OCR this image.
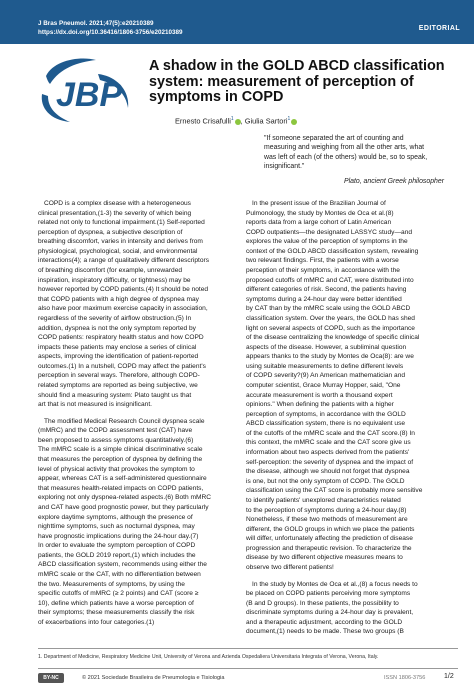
J Bras Pneumol. 2021;47(5):e20210389
https://dx.doi.org/10.36416/1806-3756/e20210389
EDITORIAL
JBP
A shadow in the GOLD ABCD classification
system: measurement of perception of
symptoms in COPD
Ernesto Crisafulli$^1$ , Giulia Sartori$^1$
"If someone separated the art of counting and
measuring and weighing from all the other arts, what
was left of each (of the others) would be, so to speak,
insignificant."
Plato, ancient Greek philosopher
COPD is a complex disease with a heterogeneous
clinical presentation,(1-3) the severity of which being
related not only to functional impairment.(1) Self-reported
perception of dyspnea, a subjective description of
breathing discomfort, varies in intensity and derives from
physiological, psychological, social, and environmental
interactions(4); a range of qualitatively different descriptors
of breathing discomfort (for example, unrewarded
inspiration, inspiratory difficulty, or tightness) may be
however reported by COPD patients.(4) It should be noted
that COPD patients with a high degree of dyspnea may
also have poor maximum exercise capacity in association,
regardless of the severity of airflow obstruction.(5) In
addition, dyspnea is not the only symptom reported by
COPD patients: respiratory health status and how COPD
impacts these patients may enclose a series of clinical
aspects, improving the identification of patient-reported
outcomes.(1) In a nutshell, COPD may affect the patient's
perception in several ways. Therefore, although COPD-
related symptoms are reported as being subjective, we
should find a measuring system: Plato taught us that
art that is not measured is insignificant.
The modified Medical Research Council dyspnea scale
(mMRC) and the COPD assessment test (CAT) have
been proposed to assess symptoms quantitatively.(6)
The mMRC scale is a simple clinical discriminative scale
that measures the perception of dyspnea by defining the
level of physical activity that provokes the symptom to
appear, whereas CAT is a self-administered questionnaire
that measures health-related impacts on COPD patients,
exploring not only dyspnea-related aspects.(6) Both mMRC
and CAT have good prognostic power, but they particularly
explore daytime symptoms, although the presence of
nighttime symptoms, such as nocturnal dyspnea, may
have prognostic implications during the 24-hour day.(7)
In order to evaluate the symptom perception of COPD
patients, the GOLD 2019 report,(1) which includes the
ABCD classification system, recommends using either the
mMRC scale or the CAT, with no differentiation between
the two. Measurements of symptoms, by using the
specific cutoffs of mMRC (≥ 2 points) and CAT (score ≥
10), define which patients have a worse perception of
their symptoms; these measurements classify the risk
of exacerbations into four categories.(1)
In the present issue of the Brazilian Journal of
Pulmonology, the study by Montes de Oca et al.(8)
reports data from a large cohort of Latin American
COPD outpatients—the designated LASSYC study—and
explores the value of the perception of symptoms in the
context of the GOLD ABCD classification system, revealing
two relevant findings. First, the patients with a worse
perception of their symptoms, in accordance with the
proposed cutoffs of mMRC and CAT, were distributed into
different categories of risk. Second, the patients having
symptoms during a 24-hour day were better identified
by CAT than by the mMRC scale using the GOLD ABCD
classification system. Over the years, the GOLD has shed
light on several aspects of COPD, such as the importance
of the disease centralizing the knowledge of specific clinical
aspects of the disease. However, a subliminal question
appears thanks to the study by Montes de Oca(8): are we
using suitable measurements to define different levels
of COPD severity?(9) An American mathematician and
computer scientist, Grace Murray Hopper, said, "One
accurate measurement is worth a thousand expert
opinions." When defining the patients with a higher
perception of symptoms, in accordance with the GOLD
ABCD classification system, there is no equivalent use
of the cutoffs of the mMRC scale and the CAT score.(8) In
this context, the mMRC scale and the CAT score give us
information about two aspects derived from the patients'
self-perception: the severity of dyspnea and the impact of
the disease, although we should not forget that dyspnea
is one, but not the only symptom of COPD. The GOLD
classification using the CAT score is probably more sensitive
to identify patients' unexplored characteristics related
to the perception of symptoms during a 24-hour day.(8)
Nonetheless, if these two methods of measurement are
different, the GOLD groups in which we place the patients
will differ, unfortunately affecting the prediction of disease
progression and therapeutic revision. To characterize the
disease by two different objective measures means to
observe two different patients!
In the study by Montes de Oca et al.,(8) a focus needs to
be placed on COPD patients perceiving more symptoms
(B and D groups). In these patients, the possibility to
discriminate symptoms during a 24-hour day is prevalent,
and a therapeutic adjustment, according to the GOLD
document,(1) needs to be made. These two groups (B
1. Department of Medicine, Respiratory Medicine Unit, University of Verona and Azienda Ospedaliera Universitaria Integrata of Verona, Verona, Italy.
BY-NC	© 2021 Sociedade Brasileira de Pneumologia e Tisiologia	ISSN 1806-3756	1/2
